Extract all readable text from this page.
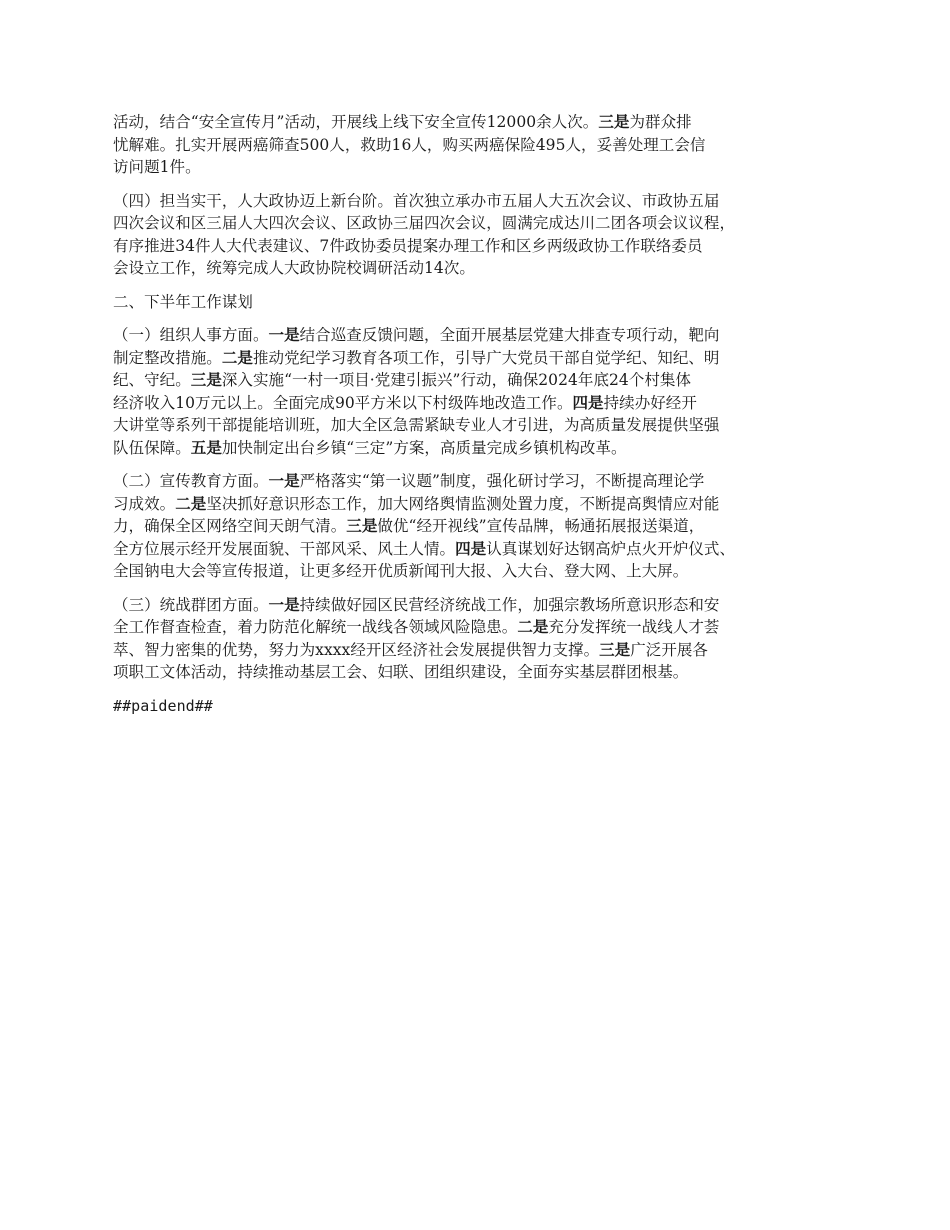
活动，结合“安全宣传月”活动，开展线上线下安全宣传12000余人次。三是为群众排
忧解难。扎实开展两癌筛查500人，救助16人，购买两癌保险495人，妥善处理工会信
访问题1件。

（四）担当实干，人大政协迈上新台阶。首次独立承办市五届人大五次会议、市政协五届
四次会议和区三届人大四次会议、区政协三届四次会议，圆满完成达川二团各项会议议程，
有序推进34件人大代表建议、7件政协委员提案办理工作和区乡两级政协工作联络委员
会设立工作，统筹完成人大政协院校调研活动14次。

二、下半年工作谋划

（一）组织人事方面。一是结合巡查反馈问题，全面开展基层党建大排查专项行动，靶向
制定整改措施。二是推动党纪学习教育各项工作，引导广大党员干部自觉学纪、知纪、明
纪、守纪。三是深入实施“一村一项目·党建引振兴”行动，确保2024年底24个村集体
经济收入10万元以上。全面完成90平方米以下村级阵地改造工作。四是持续办好经开
大讲堂等系列干部提能培训班，加大全区急需紧缺专业人才引进，为高质量发展提供坚强
队伍保障。五是加快制定出台乡镇“三定”方案，高质量完成乡镇机构改革。

（二）宣传教育方面。一是严格落实“第一议题”制度，强化研讨学习，不断提高理论学
习成效。二是坚决抓好意识形态工作，加大网络舆情监测处置力度，不断提高舆情应对能
力，确保全区网络空间天朗气清。三是做优“经开视线”宣传品牌，畅通拓展报送渠道，
全方位展示经开发展面貌、干部风采、风土人情。四是认真谋划好达钢高炉点火开炉仪式、
全国钠电大会等宣传报道，让更多经开优质新闻刊大报、入大台、登大网、上大屏。

（三）统战群团方面。一是持续做好园区民营经济统战工作，加强宗教场所意识形态和安
全工作督查检查，着力防范化解统一战线各领域风险隐患。二是充分发挥统一战线人才荟
萃、智力密集的优势，努力为xxxx经开区经济社会发展提供智力支撑。三是广泛开展各
项职工文体活动，持续推动基层工会、妇联、团组织建设，全面夯实基层群团根基。

##paidend##
